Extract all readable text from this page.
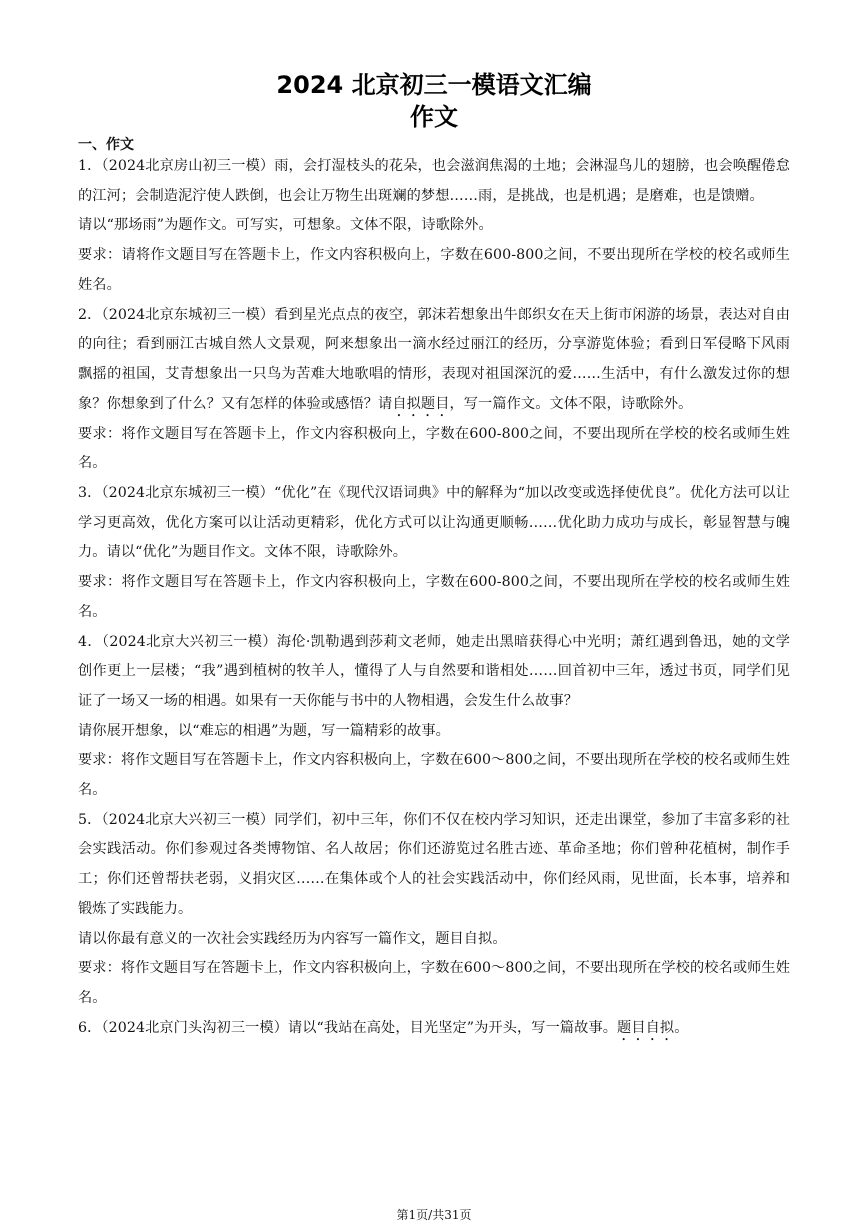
2024 北京初三一模语文汇编
作文
一、作文

1．（2024北京房山初三一模）雨，会打湿枝头的花朵，也会滋润焦渴的土地；会淋湿鸟儿的翅膀，也会唤醒倦怠的江河；会制造泥泞使人跌倒，也会让万物生出斑斓的梦想……雨，是挑战，也是机遇；是磨难，也是馈赠。

请以“那场雨”为题作文。可写实，可想象。文体不限，诗歌除外。

要求：请将作文题目写在答题卡上，作文内容积极向上，字数在600-800之间，不要出现所在学校的校名或师生姓名。

2．（2024北京东城初三一模）看到星光点点的夜空，郭沫若想象出牛郎织女在天上街市闲游的场景，表达对自由的向往；看到丽江古城自然人文景观，阿来想象出一滴水经过丽江的经历，分享游览体验；看到日军侵略下风雨飘摇的祖国，艾青想象出一只鸟为苦难大地歌唱的情形，表现对祖国深沉的爱……生活中，有什么激发过你的想象？你想象到了什么？又有怎样的体验或感悟？请自拟题目，写一篇作文。文体不限，诗歌除外。

要求：将作文题目写在答题卡上，作文内容积极向上，字数在600-800之间，不要出现所在学校的校名或师生姓名。

3．（2024北京东城初三一模）“优化”在《现代汉语词典》中的解释为“加以改变或选择使优良”。优化方法可以让学习更高效，优化方案可以让活动更精彩，优化方式可以让沟通更顺畅……优化助力成功与成长，彰显智慧与魄力。请以“优化”为题目作文。文体不限，诗歌除外。

要求：将作文题目写在答题卡上，作文内容积极向上，字数在600-800之间，不要出现所在学校的校名或师生姓名。

4．（2024北京大兴初三一模）海伦·凯勒遇到莎莉文老师，她走出黑暗获得心中光明；萧红遇到鲁迅，她的文学创作更上一层楼；“我”遇到植树的牧羊人，懂得了人与自然要和谐相处……回首初中三年，透过书页，同学们见证了一场又一场的相遇。如果有一天你能与书中的人物相遇，会发生什么故事？

请你展开想象，以“难忘的相遇”为题，写一篇精彩的故事。

要求：将作文题目写在答题卡上，作文内容积极向上，字数在600～800之间，不要出现所在学校的校名或师生姓名。

5．（2024北京大兴初三一模）同学们，初中三年，你们不仅在校内学习知识，还走出课堂，参加了丰富多彩的社会实践活动。你们参观过各类博物馆、名人故居；你们还游览过名胜古迹、革命圣地；你们曾种花植树，制作手工；你们还曾帮扶老弱，义捐灾区……在集体或个人的社会实践活动中，你们经风雨，见世面，长本事，培养和锻炼了实践能力。

请以你最有意义的一次社会实践经历为内容写一篇作文，题目自拟。

要求：将作文题目写在答题卡上，作文内容积极向上，字数在600～800之间，不要出现所在学校的校名或师生姓名。

6．（2024北京门头沟初三一模）请以“我站在高处，目光坚定”为开头，写一篇故事。题目自拟。

第1页/共31页
